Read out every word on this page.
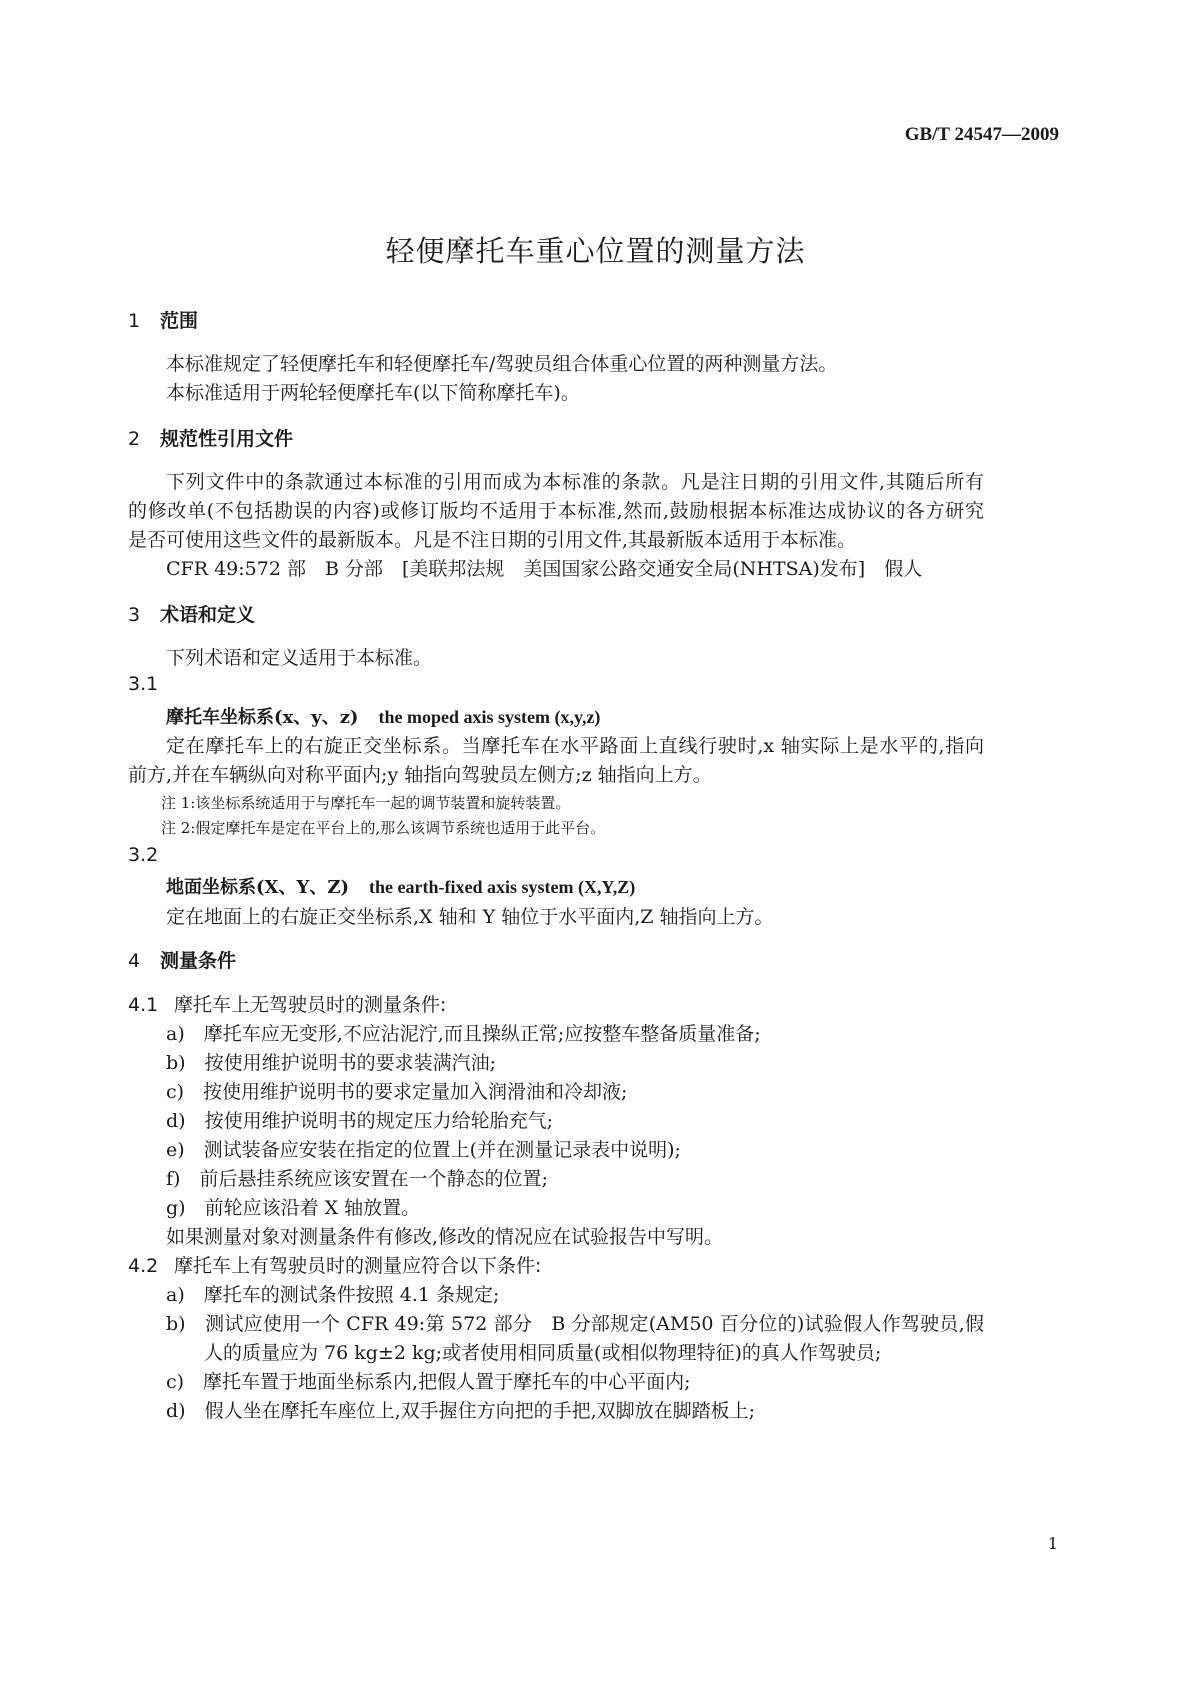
GB/T 24547—2009
轻便摩托车重心位置的测量方法
1 范围
本标准规定了轻便摩托车和轻便摩托车/驾驶员组合体重心位置的两种测量方法。
本标准适用于两轮轻便摩托车(以下简称摩托车)。
2 规范性引用文件
下列文件中的条款通过本标准的引用而成为本标准的条款。凡是注日期的引用文件,其随后所有
的修改单(不包括勘误的内容)或修订版均不适用于本标准,然而,鼓励根据本标准达成协议的各方研究
是否可使用这些文件的最新版本。凡是不注日期的引用文件,其最新版本适用于本标准。
CFR 49:572 部　B 分部　[美联邦法规　美国国家公路交通安全局(NHTSA)发布]　假人
3 术语和定义
下列术语和定义适用于本标准。
3.1
摩托车坐标系(x、y、z) the moped axis system (x,y,z)
定在摩托车上的右旋正交坐标系。当摩托车在水平路面上直线行驶时,x 轴实际上是水平的,指向
前方,并在车辆纵向对称平面内;y 轴指向驾驶员左侧方;z 轴指向上方。
注 1:该坐标系统适用于与摩托车一起的调节装置和旋转装置。
注 2:假定摩托车是定在平台上的,那么该调节系统也适用于此平台。
3.2
地面坐标系(X、Y、Z) the earth-fixed axis system (X,Y,Z)
定在地面上的右旋正交坐标系,X 轴和 Y 轴位于水平面内,Z 轴指向上方。
4 测量条件
4.1 摩托车上无驾驶员时的测量条件:
a)　摩托车应无变形,不应沾泥泞,而且操纵正常;应按整车整备质量准备;
b)　按使用维护说明书的要求装满汽油;
c)　按使用维护说明书的要求定量加入润滑油和冷却液;
d)　按使用维护说明书的规定压力给轮胎充气;
e)　测试装备应安装在指定的位置上(并在测量记录表中说明);
f)　前后悬挂系统应该安置在一个静态的位置;
g)　前轮应该沿着 X 轴放置。
如果测量对象对测量条件有修改,修改的情况应在试验报告中写明。
4.2 摩托车上有驾驶员时的测量应符合以下条件:
a)　摩托车的测试条件按照 4.1 条规定;
b)　测试应使用一个 CFR 49:第 572 部分　B 分部规定(AM50 百分位的)试验假人作驾驶员,假
人的质量应为 76 kg±2 kg;或者使用相同质量(或相似物理特征)的真人作驾驶员;
c)　摩托车置于地面坐标系内,把假人置于摩托车的中心平面内;
d)　假人坐在摩托车座位上,双手握住方向把的手把,双脚放在脚踏板上;
1
